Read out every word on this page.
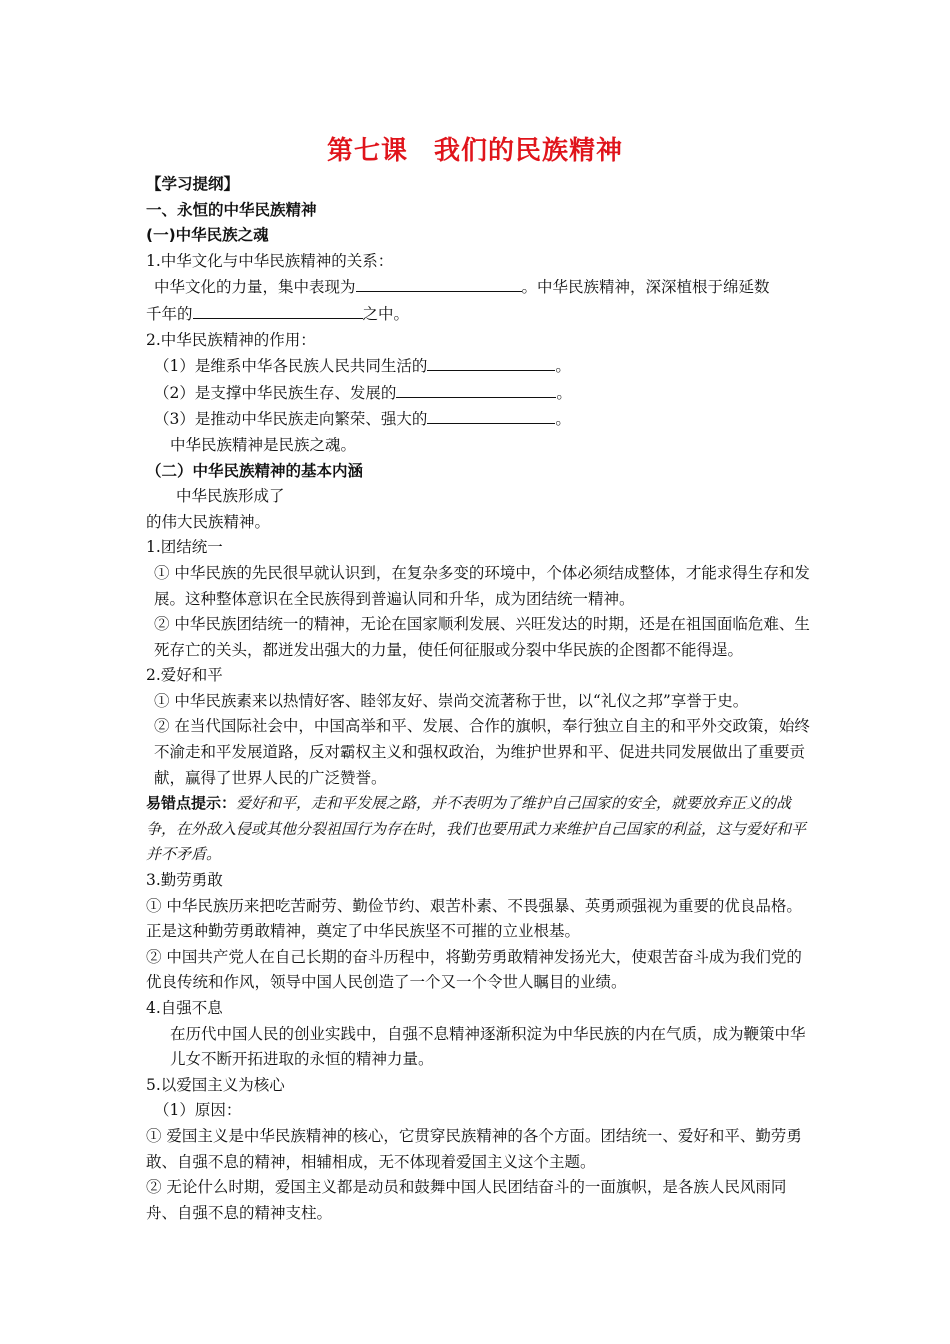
第七课 我们的民族精神

【学习提纲】

一、永恒的中华民族精神

(一)中华民族之魂

1.中华文化与中华民族精神的关系：

中华文化的力量，集中表现为	。中华民族精神，深深植根于绵延数

千年的	之中。

2.中华民族精神的作用：

（1）是维系中华各民族人民共同生活的	。

（2）是支撑中华民族生存、发展的	。

（3）是推动中华民族走向繁荣、强大的	。

中华民族精神是民族之魂。

（二）中华民族精神的基本内涵

中华民族形成了

的伟大民族精神。

1.团结统一

① 中华民族的先民很早就认识到，在复杂多变的环境中，个体必须结成整体，才能求得生存和发展。这种整体意识在全民族得到普遍认同和升华，成为团结统一精神。

② 中华民族团结统一的精神，无论在国家顺利发展、兴旺发达的时期，还是在祖国面临危难、生死存亡的关头，都迸发出强大的力量，使任何征服或分裂中华民族的企图都不能得逞。

2.爱好和平

① 中华民族素来以热情好客、睦邻友好、崇尚交流著称于世，以“礼仪之邦”享誉于史。

② 在当代国际社会中，中国高举和平、发展、合作的旗帜，奉行独立自主的和平外交政策，始终不渝走和平发展道路，反对霸权主义和强权政治，为维护世界和平、促进共同发展做出了重要贡献，赢得了世界人民的广泛赞誉。

易错点提示：爱好和平，走和平发展之路，并不表明为了维护自己国家的安全，就要放弃正义的战争，在外敌入侵或其他分裂祖国行为存在时，我们也要用武力来维护自己国家的利益，这与爱好和平并不矛盾。

3.勤劳勇敢

① 中华民族历来把吃苦耐劳、勤俭节约、艰苦朴素、不畏强暴、英勇顽强视为重要的优良品格。正是这种勤劳勇敢精神，奠定了中华民族坚不可摧的立业根基。

② 中国共产党人在自己长期的奋斗历程中，将勤劳勇敢精神发扬光大，使艰苦奋斗成为我们党的优良传统和作风，领导中国人民创造了一个又一个令世人瞩目的业绩。

4.自强不息

在历代中国人民的创业实践中，自强不息精神逐渐积淀为中华民族的内在气质，成为鞭策中华儿女不断开拓进取的永恒的精神力量。

5.以爱国主义为核心

（1）原因：

① 爱国主义是中华民族精神的核心，它贯穿民族精神的各个方面。团结统一、爱好和平、勤劳勇敢、自强不息的精神，相辅相成，无不体现着爱国主义这个主题。

② 无论什么时期，爱国主义都是动员和鼓舞中国人民团结奋斗的一面旗帜，是各族人民风雨同舟、自强不息的精神支柱。
